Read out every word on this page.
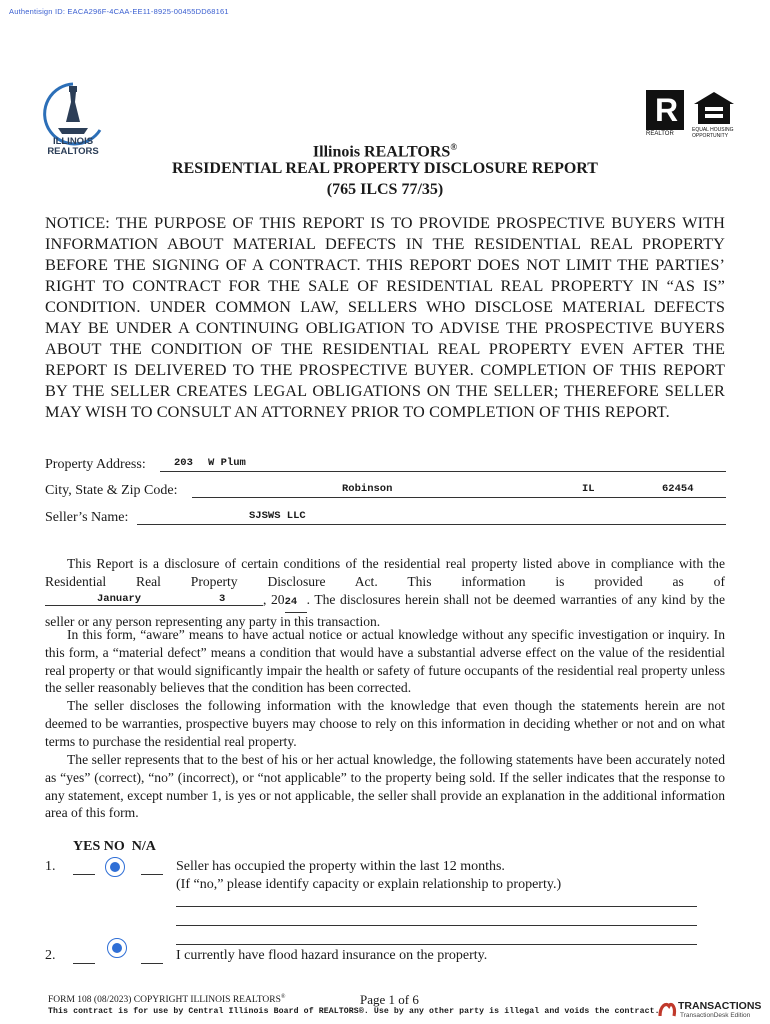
Authentisign ID: EACA296F-4CAA-EE11-8925-00455DD68161
ILLINOIS
REALTORS
R
REALTOR
EQUAL HOUSING
OPPORTUNITY
Illinois REALTORS®
RESIDENTIAL REAL PROPERTY DISCLOSURE REPORT
(765 ILCS 77/35)
NOTICE: THE PURPOSE OF THIS REPORT IS TO PROVIDE PROSPECTIVE BUYERS WITH INFORMATION ABOUT MATERIAL DEFECTS IN THE RESIDENTIAL REAL PROPERTY BEFORE THE SIGNING OF A CONTRACT. THIS REPORT DOES NOT LIMIT THE PARTIES’ RIGHT TO CONTRACT FOR THE SALE OF RESIDENTIAL REAL PROPERTY IN “AS IS” CONDITION. UNDER COMMON LAW, SELLERS WHO DISCLOSE MATERIAL DEFECTS MAY BE UNDER A CONTINUING OBLIGATION TO ADVISE THE PROSPECTIVE BUYERS ABOUT THE CONDITION OF THE RESIDENTIAL REAL PROPERTY EVEN AFTER THE REPORT IS DELIVERED TO THE PROSPECTIVE BUYER. COMPLETION OF THIS REPORT BY THE SELLER CREATES LEGAL OBLIGATIONS ON THE SELLER; THEREFORE SELLER MAY WISH TO CONSULT AN ATTORNEY PRIOR TO COMPLETION OF THIS REPORT.
Property Address:	203 W Plum
City, State & Zip Code:	Robinson	IL	62454
Seller’s Name:	SJSWS LLC
This Report is a disclosure of certain conditions of the residential real property listed above in compliance with the Residential Real Property Disclosure Act. This information is provided as of
January	3	, 2024 . The disclosures herein shall not be deemed warranties of any kind by the seller or any person representing any party in this transaction.
In this form, “aware” means to have actual notice or actual knowledge without any specific investigation or inquiry. In this form, a “material defect” means a condition that would have a substantial adverse effect on the value of the residential real property or that would significantly impair the health or safety of future occupants of the residential real property unless the seller reasonably believes that the condition has been corrected.
The seller discloses the following information with the knowledge that even though the statements herein are not deemed to be warranties, prospective buyers may choose to rely on this information in deciding whether or not and on what terms to purchase the residential real property.
The seller represents that to the best of his or her actual knowledge, the following statements have been accurately noted as “yes” (correct), “no” (incorrect), or “not applicable” to the property being sold. If the seller indicates that the response to any statement, except number 1, is yes or not applicable, the seller shall provide an explanation in the additional information area of this form.
YES NO  N/A
1.	Seller has occupied the property within the last 12 months.
(If “no,” please identify capacity or explain relationship to property.)
2.	I currently have flood hazard insurance on the property.
FORM 108 (08/2023) COPYRIGHT ILLINOIS REALTORS®	Page 1 of 6
This contract is for use by Central Illinois Board of REALTORS®. Use by any other party is illegal and voids the contract. TRANSACTIONS
TransactionDesk Edition
